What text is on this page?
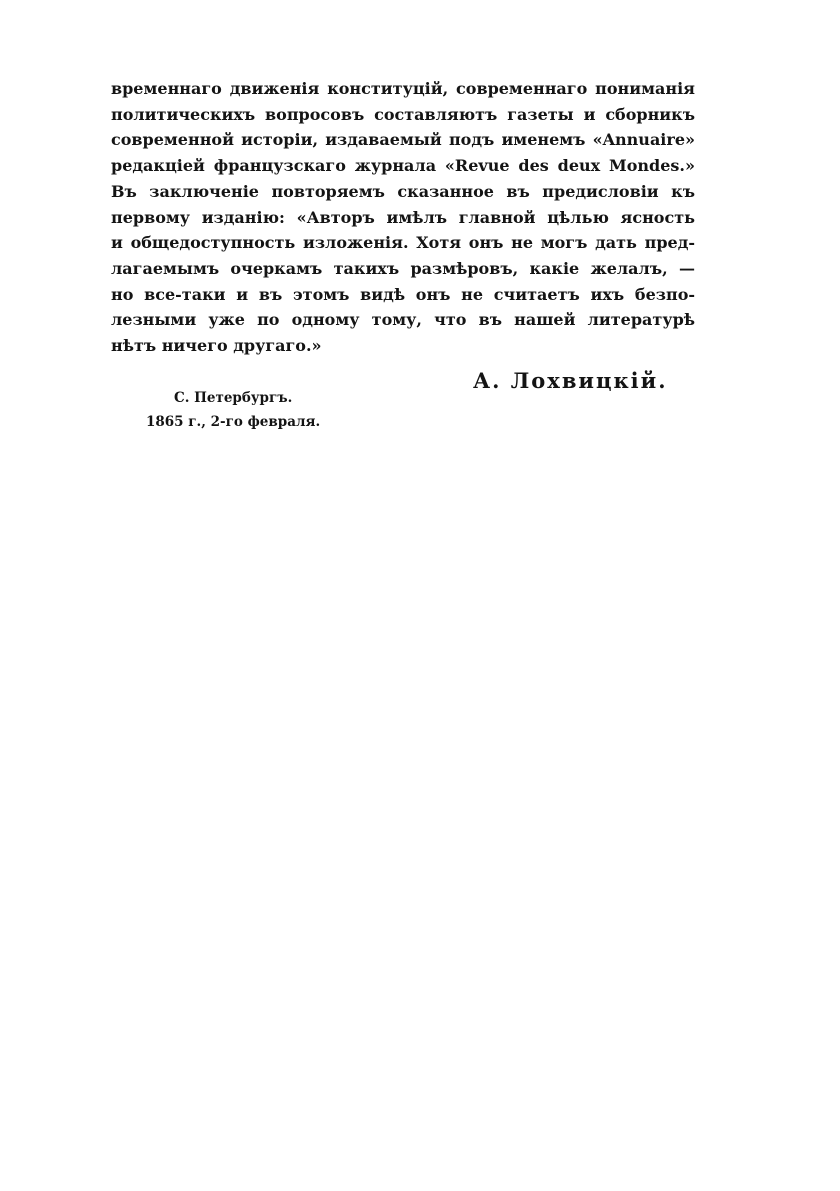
временнаго движенія конституцій, современнаго пониманія
политическихъ вопросовъ составляютъ газеты и сборникъ
современной исторіи, издаваемый подъ именемъ «Annuaire»
редакціей французскаго журнала «Revue des deux Mondes.»
Въ заключеніе повторяемъ сказанное въ предисловіи къ
первому изданію: «Авторъ имѣлъ главной цѣлью ясность
и общедоступность изложенія. Хотя онъ не могъ дать пред-
лагаемымъ очеркамъ такихъ размѣровъ, какіе желалъ, —
но все-таки и въ этомъ видѣ онъ не считаетъ ихъ безпо-
лезными уже по одному тому, что въ нашей литературѣ
нѣтъ ничего другаго.»
А. Лохвицкій.
С. Петербургъ.
1865 г., 2-го февраля.
